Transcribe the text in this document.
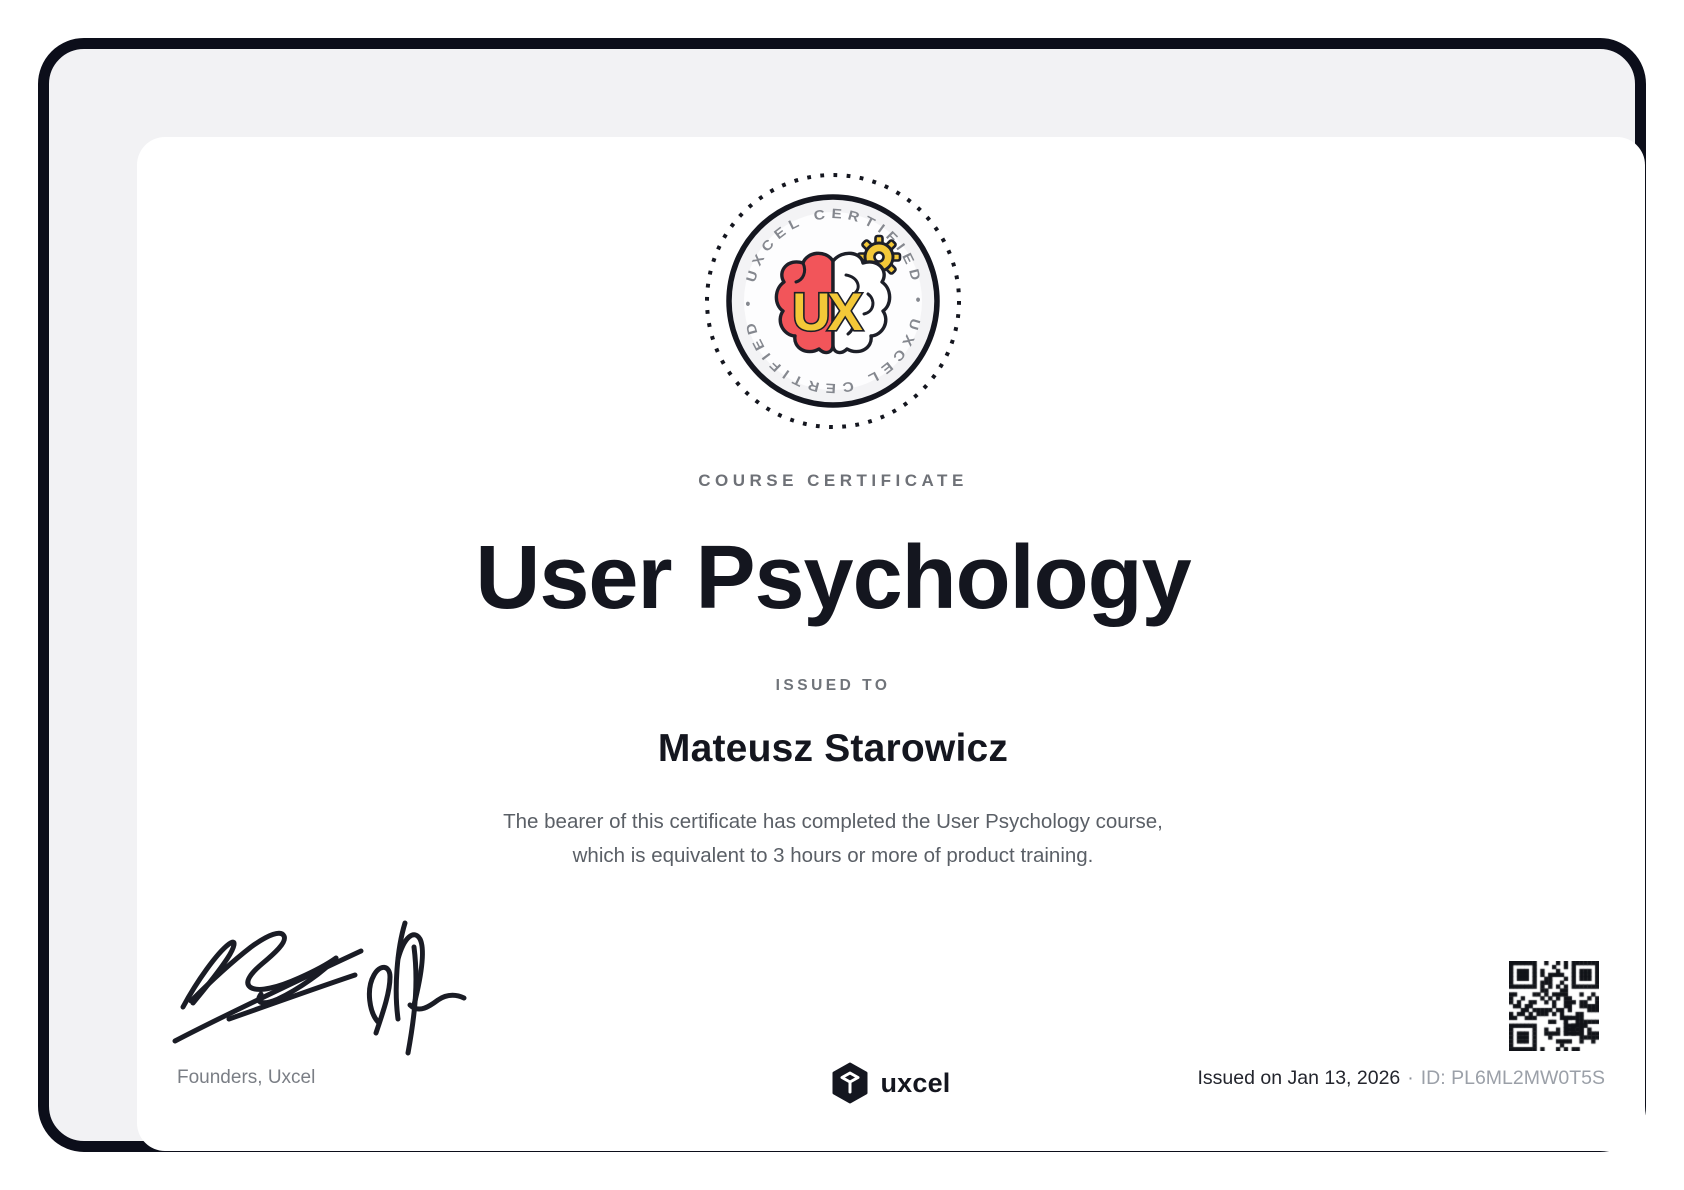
UXCEL CERTIFIED • UXCEL CERTIFIED • UX
COURSE CERTIFICATE
User Psychology
ISSUED TO
Mateusz Starowicz
The bearer of this certificate has completed the User Psychology course,
which is equivalent to 3 hours or more of product training.
Founders, Uxcel	uxcel	Issued on Jan 13, 2026 · ID: PL6ML2MW0T5S
